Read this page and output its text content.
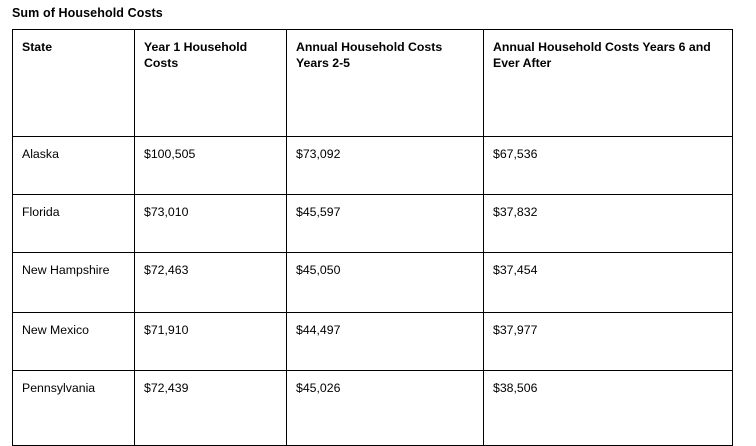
Sum of Household Costs
State	Year 1 Household Costs	Annual Household Costs Years 2-5	Annual Household Costs Years 6 and Ever After
Alaska	$100,505	$73,092	$67,536
Florida	$73,010	$45,597	$37,832
New Hampshire	$72,463	$45,050	$37,454
New Mexico	$71,910	$44,497	$37,977
Pennsylvania	$72,439	$45,026	$38,506
